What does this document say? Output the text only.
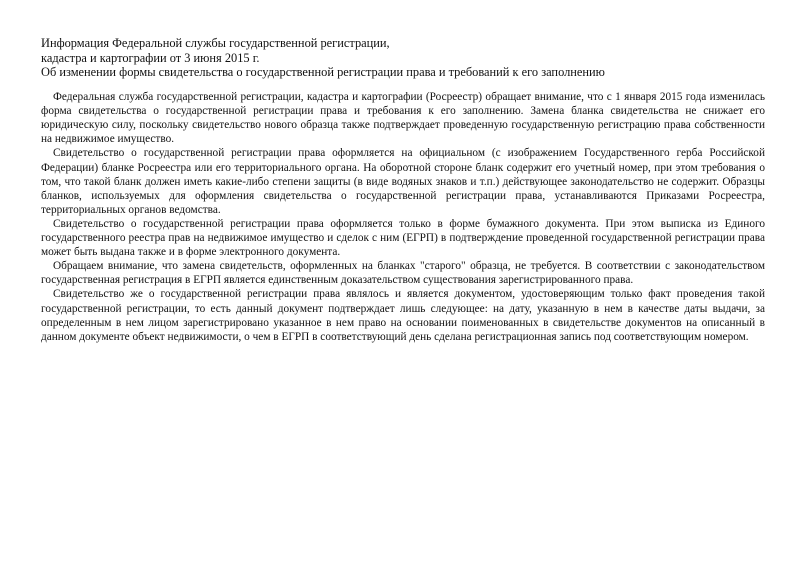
Информация Федеральной службы государственной регистрации,
кадастра и картографии от 3 июня 2015 г.
Об изменении формы свидетельства о государственной регистрации права и требований к его заполнению

Федеральная служба государственной регистрации, кадастра и картографии (Росреестр) обращает внимание, что с 1 января 2015 года изменилась форма свидетельства о государственной регистрации права и требования к его заполнению. Замена бланка свидетельства не снижает его юридическую силу, поскольку свидетельство нового образца также подтверждает проведенную государственную регистрацию права собственности на недвижимое имущество.

Свидетельство о государственной регистрации права оформляется на официальном (с изображением Государственного герба Российской Федерации) бланке Росреестра или его территориального органа. На оборотной стороне бланк содержит его учетный номер, при этом требования о том, что такой бланк должен иметь какие-либо степени защиты (в виде водяных знаков и т.п.) действующее законодательство не содержит. Образцы бланков, используемых для оформления свидетельства о государственной регистрации права, устанавливаются Приказами Росреестра, территориальных органов ведомства.

Свидетельство о государственной регистрации права оформляется только в форме бумажного документа. При этом выписка из Единого государственного реестра прав на недвижимое имущество и сделок с ним (ЕГРП) в подтверждение проведенной государственной регистрации права может быть выдана также и в форме электронного документа.

Обращаем внимание, что замена свидетельств, оформленных на бланках "старого" образца, не требуется. В соответствии с законодательством государственная регистрация в ЕГРП является единственным доказательством существования зарегистрированного права.

Свидетельство же о государственной регистрации права являлось и является документом, удостоверяющим только факт проведения такой государственной регистрации, то есть данный документ подтверждает лишь следующее: на дату, указанную в нем в качестве даты выдачи, за определенным в нем лицом зарегистрировано указанное в нем право на основании поименованных в свидетельстве документов на описанный в данном документе объект недвижимости, о чем в ЕГРП в соответствующий день сделана регистрационная запись под соответствующим номером.
